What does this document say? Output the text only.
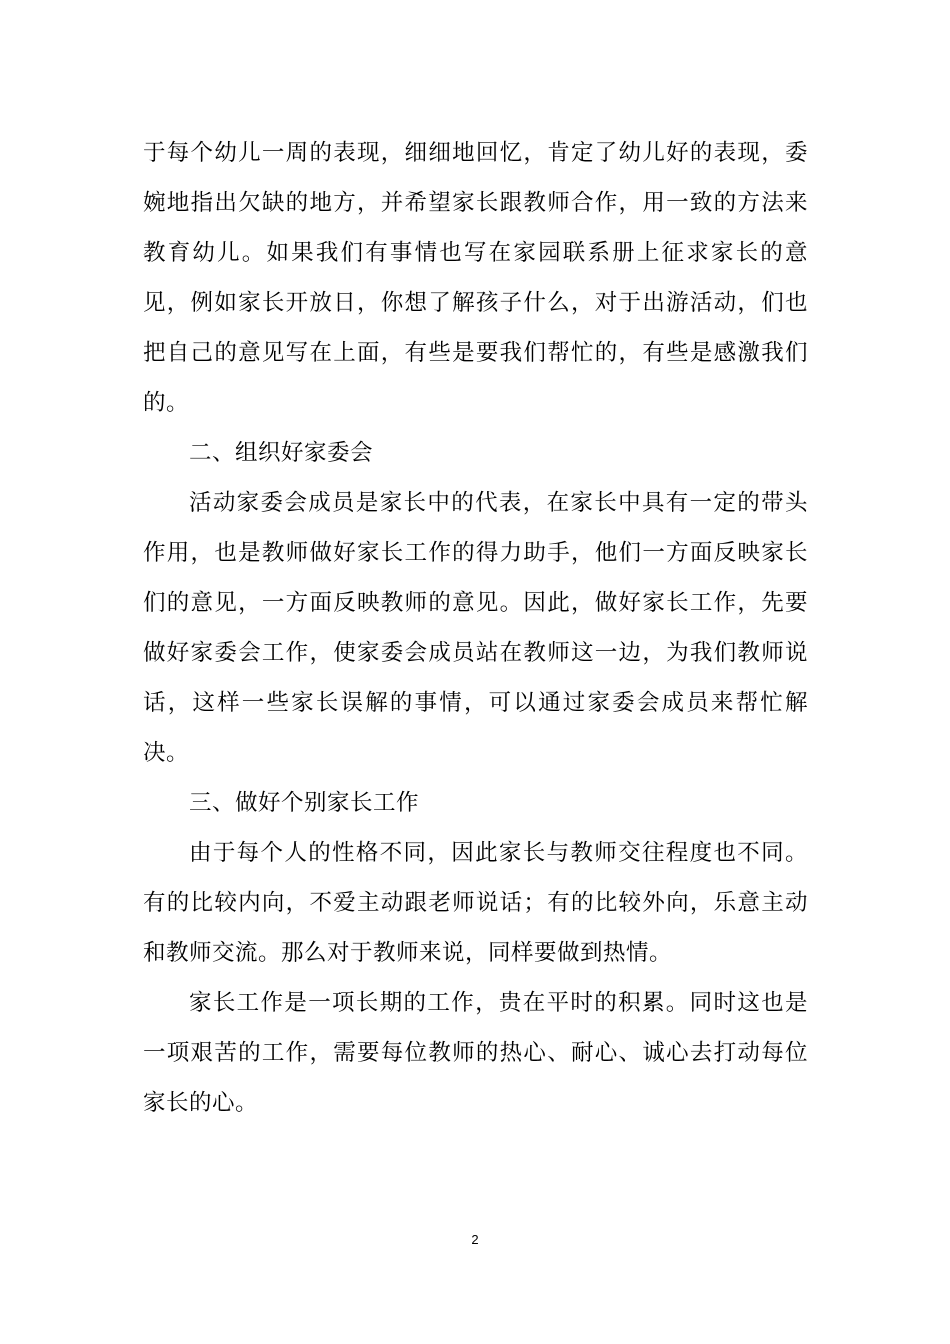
于每个幼儿一周的表现，细细地回忆，肯定了幼儿好的表现，委婉地指出欠缺的地方，并希望家长跟教师合作，用一致的方法来教育幼儿。如果我们有事情也写在家园联系册上征求家长的意见，例如家长开放日，你想了解孩子什么，对于出游活动，们也把自己的意见写在上面，有些是要我们帮忙的，有些是感激我们的。

二、组织好家委会

活动家委会成员是家长中的代表，在家长中具有一定的带头作用，也是教师做好家长工作的得力助手，他们一方面反映家长们的意见，一方面反映教师的意见。因此，做好家长工作，先要做好家委会工作，使家委会成员站在教师这一边，为我们教师说话，这样一些家长误解的事情，可以通过家委会成员来帮忙解决。

三、做好个别家长工作

由于每个人的性格不同，因此家长与教师交往程度也不同。有的比较内向，不爱主动跟老师说话；有的比较外向，乐意主动和教师交流。那么对于教师来说，同样要做到热情。

家长工作是一项长期的工作，贵在平时的积累。同时这也是一项艰苦的工作，需要每位教师的热心、耐心、诚心去打动每位家长的心。

2
